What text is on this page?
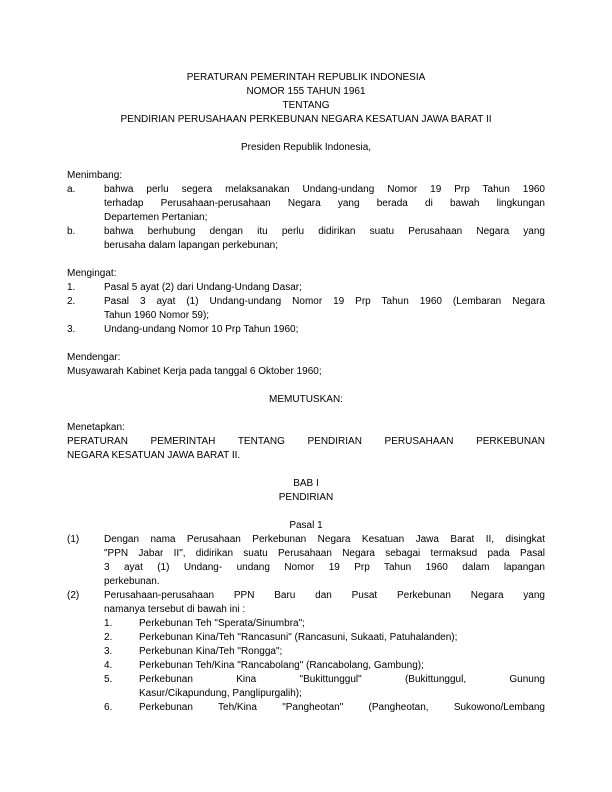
PERATURAN PEMERINTAH REPUBLIK INDONESIA
NOMOR 155 TAHUN 1961
TENTANG
PENDIRIAN PERUSAHAAN PERKEBUNAN NEGARA KESATUAN JAWA BARAT II
Presiden Republik Indonesia,
Menimbang:
a.	bahwa perlu segera melaksanakan Undang-undang Nomor 19 Prp Tahun 1960
terhadap Perusahaan-perusahaan Negara yang berada di bawah lingkungan
Departemen Pertanian;
b.	bahwa berhubung dengan itu perlu didirikan suatu Perusahaan Negara yang
berusaha dalam lapangan perkebunan;
Mengingat:
1.	Pasal 5 ayat (2) dari Undang-Undang Dasar;
2.	Pasal 3 ayat (1) Undang-undang Nomor 19 Prp Tahun 1960 (Lembaran Negara
Tahun 1960 Nomor 59);
3.	Undang-undang Nomor 10 Prp Tahun 1960;
Mendengar:
Musyawarah Kabinet Kerja pada tanggal 6 Oktober 1960;
MEMUTUSKAN:
Menetapkan:
PERATURAN PEMERINTAH TENTANG PENDIRIAN PERUSAHAAN PERKEBUNAN
NEGARA KESATUAN JAWA BARAT II.
BAB I
PENDIRIAN
Pasal 1
(1) Dengan nama Perusahaan Perkebunan Negara Kesatuan Jawa Barat II, disingkat
"PPN Jabar II", didirikan suatu Perusahaan Negara sebagai termaksud pada Pasal
3 ayat (1) Undang- undang Nomor 19 Prp Tahun 1960 dalam lapangan
perkebunan.
(2) Perusahaan-perusahaan PPN Baru dan Pusat Perkebunan Negara yang
namanya tersebut di bawah ini :
1.	Perkebunan Teh "Sperata/Sinumbra";
2.	Perkebunan Kina/Teh "Rancasuni" (Rancasuni, Sukaati, Patuhalanden);
3.	Perkebunan Kina/Teh "Rongga";
4.	Perkebunan Teh/Kina "Rancabolang" (Rancabolang, Gambung);
5.	Perkebunan Kina "Bukittunggul" (Bukittunggul, Gunung
Kasur/Cikapundung, Panglipurgalih);
6.	Perkebunan Teh/Kina "Pangheotan" (Pangheotan, Sukowono/Lembang
